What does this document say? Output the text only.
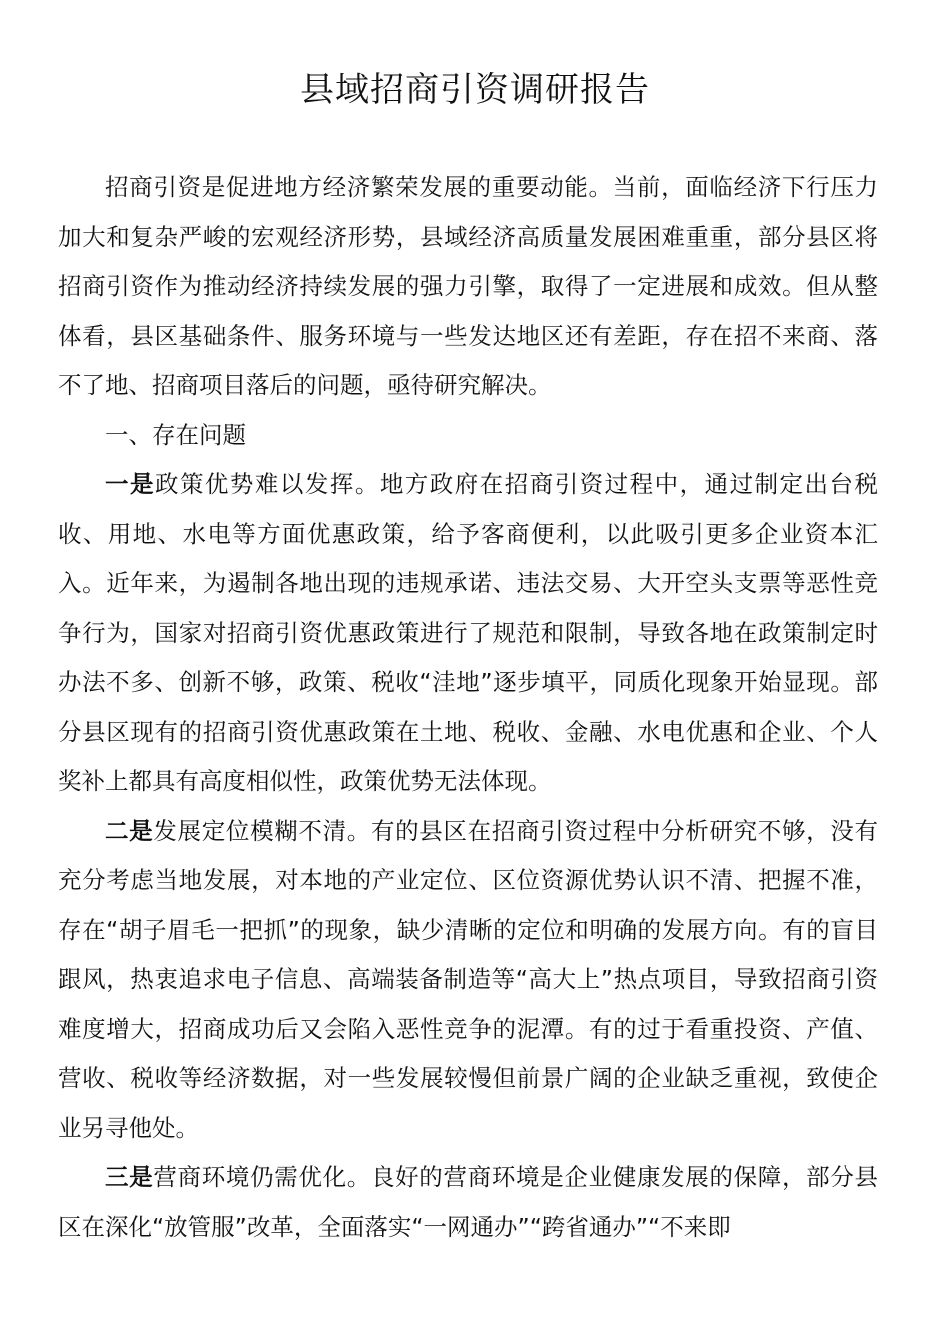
县域招商引资调研报告

招商引资是促进地方经济繁荣发展的重要动能。当前，面临经济下行压力加大和复杂严峻的宏观经济形势，县域经济高质量发展困难重重，部分县区将招商引资作为推动经济持续发展的强力引擎，取得了一定进展和成效。但从整体看，县区基础条件、服务环境与一些发达地区还有差距，存在招不来商、落不了地、招商项目落后的问题，亟待研究解决。

一、存在问题

一是政策优势难以发挥。地方政府在招商引资过程中，通过制定出台税收、用地、水电等方面优惠政策，给予客商便利，以此吸引更多企业资本汇入。近年来，为遏制各地出现的违规承诺、违法交易、大开空头支票等恶性竞争行为，国家对招商引资优惠政策进行了规范和限制，导致各地在政策制定时办法不多、创新不够，政策、税收“洼地”逐步填平，同质化现象开始显现。部分县区现有的招商引资优惠政策在土地、税收、金融、水电优惠和企业、个人奖补上都具有高度相似性，政策优势无法体现。

二是发展定位模糊不清。有的县区在招商引资过程中分析研究不够，没有充分考虑当地发展，对本地的产业定位、区位资源优势认识不清、把握不准，存在“胡子眉毛一把抓”的现象，缺少清晰的定位和明确的发展方向。有的盲目跟风，热衷追求电子信息、高端装备制造等“高大上”热点项目，导致招商引资难度增大，招商成功后又会陷入恶性竞争的泥潭。有的过于看重投资、产值、营收、税收等经济数据，对一些发展较慢但前景广阔的企业缺乏重视，致使企业另寻他处。

三是营商环境仍需优化。良好的营商环境是企业健康发展的保障，部分县区在深化“放管服”改革，全面落实“一网通办”“跨省通办”“不来即
